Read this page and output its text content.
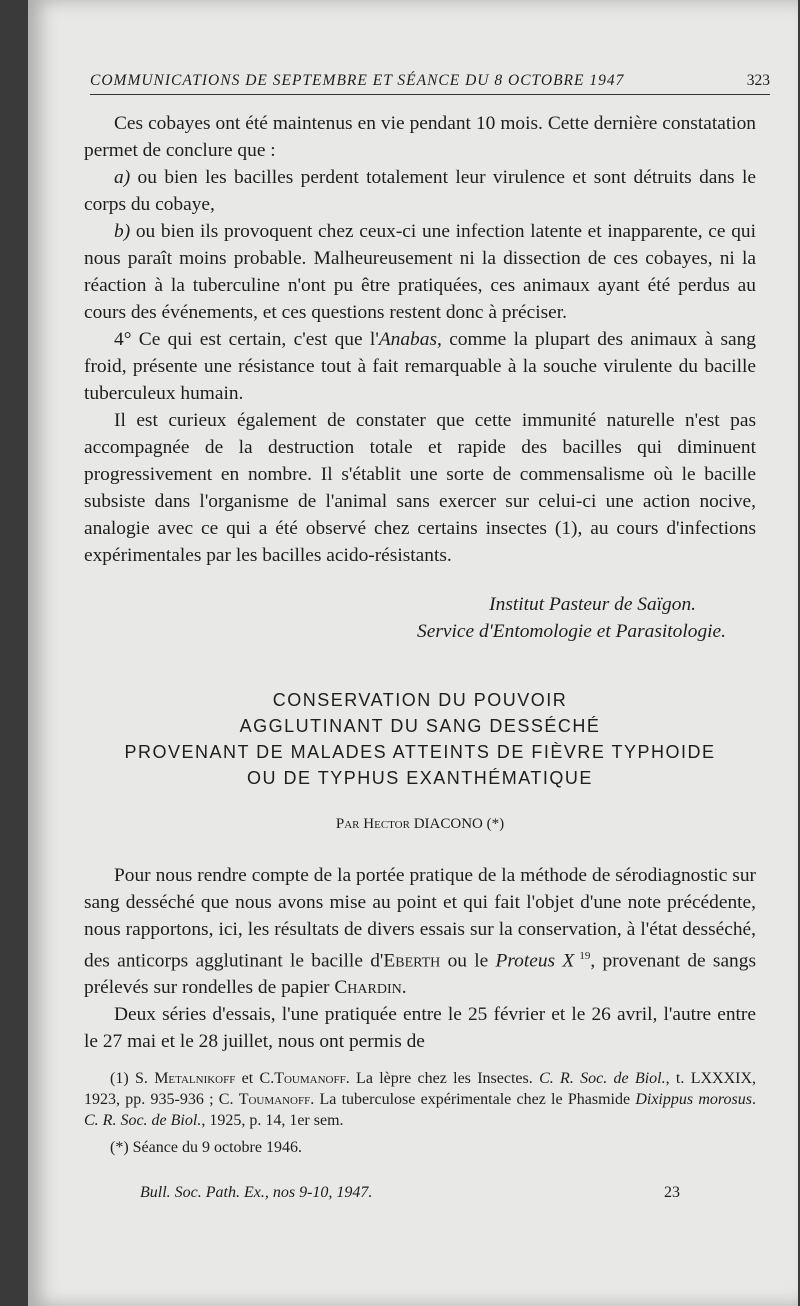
COMMUNICATIONS DE SEPTEMBRE ET SÉANCE DU 8 OCTOBRE 1947	323

Ces cobayes ont été maintenus en vie pendant 10 mois. Cette dernière constatation permet de conclure que :

a) ou bien les bacilles perdent totalement leur virulence et sont détruits dans le corps du cobaye,

b) ou bien ils provoquent chez ceux-ci une infection latente et inapparente, ce qui nous paraît moins probable. Malheureusement ni la dissection de ces cobayes, ni la réaction à la tuberculine n'ont pu être pratiquées, ces animaux ayant été perdus au cours des événements, et ces questions restent donc à préciser.

4° Ce qui est certain, c'est que l'Anabas, comme la plupart des animaux à sang froid, présente une résistance tout à fait remarquable à la souche virulente du bacille tuberculeux humain.

Il est curieux également de constater que cette immunité naturelle n'est pas accompagnée de la destruction totale et rapide des bacilles qui diminuent progressivement en nombre. Il s'établit une sorte de commensalisme où le bacille subsiste dans l'organisme de l'animal sans exercer sur celui-ci une action nocive, analogie avec ce qui a été observé chez certains insectes (1), au cours d'infections expérimentales par les bacilles acido-résistants.

Institut Pasteur de Saïgon.

Service d'Entomologie et Parasitologie.

CONSERVATION DU POUVOIR
AGGLUTINANT DU SANG DESSÉCHÉ
PROVENANT DE MALADES ATTEINTS DE FIÈVRE TYPHOIDE
OU DE TYPHUS EXANTHÉMATIQUE
Par Hector DIACONO (*)

Pour nous rendre compte de la portée pratique de la méthode de sérodiagnostic sur sang desséché que nous avons mise au point et qui fait l'objet d'une note précédente, nous rapportons, ici, les résultats de divers essais sur la conservation, à l'état desséché, des anticorps agglutinant le bacille d'Eberth ou le Proteus X $^{19}$, provenant de sangs prélevés sur rondelles de papier Chardin.

Deux séries d'essais, l'une pratiquée entre le 25 février et le 26 avril, l'autre entre le 27 mai et le 28 juillet, nous ont permis de

(1) S. Metalnikoff et C.Toumanoff. La lèpre chez les Insectes. C. R. Soc. de Biol., t. LXXXIX, 1923, pp. 935-936 ; C. Toumanoff. La tuberculose expérimentale chez le Phasmide Dixippus morosus. C. R. Soc. de Biol., 1925, p. 14, 1er sem.

(*) Séance du 9 octobre 1946.

Bull. Soc. Path. Ex., nos 9-10, 1947.	23
